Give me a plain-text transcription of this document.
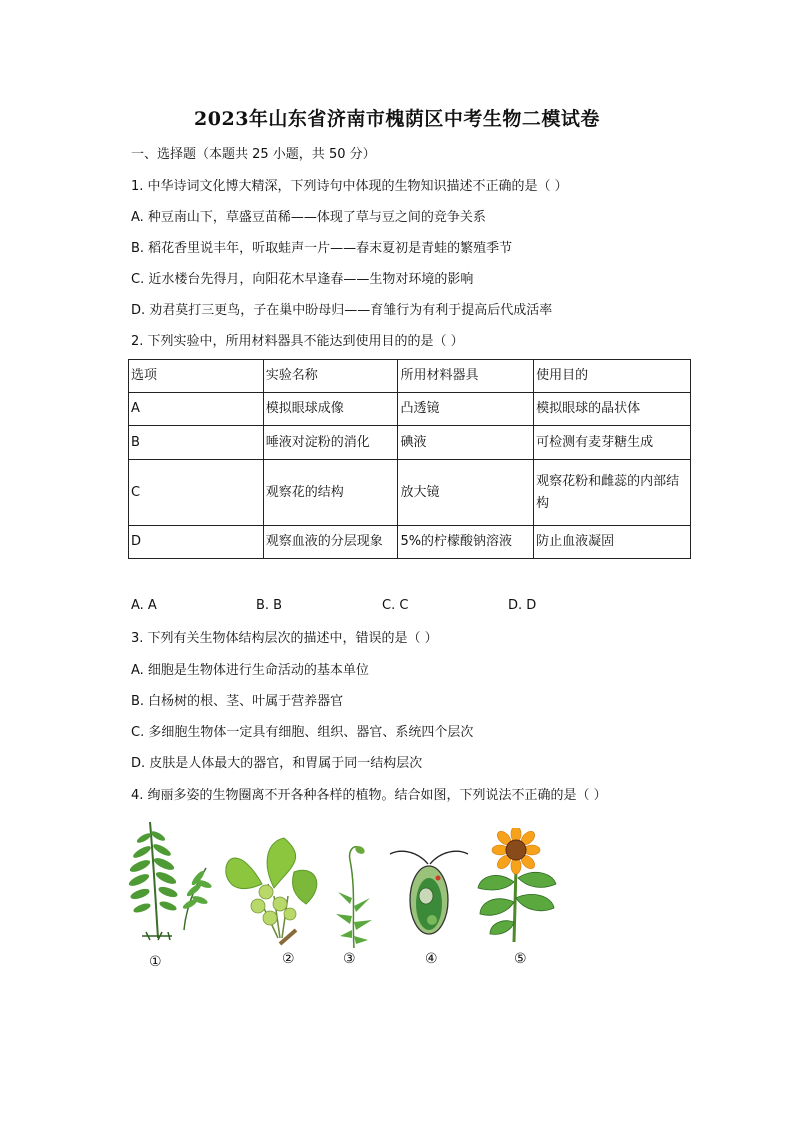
2023年山东省济南市槐荫区中考生物二模试卷
一、选择题（本题共 25 小题，共 50 分）
1. 中华诗词文化博大精深，下列诗句中体现的生物知识描述不正确的是（ ）
A. 种豆南山下，草盛豆苗稀——体现了草与豆之间的竞争关系
B. 稻花香里说丰年，听取蛙声一片——春末夏初是青蛙的繁殖季节
C. 近水楼台先得月，向阳花木早逢春——生物对环境的影响
D. 劝君莫打三更鸟，子在巢中盼母归——育雏行为有利于提高后代成活率
2. 下列实验中，所用材料器具不能达到使用目的的是（ ）
选项	实验名称	所用材料器具	使用目的
A	模拟眼球成像	凸透镜	模拟眼球的晶状体
B	唾液对淀粉的消化	碘液	可检测有麦芽糖生成
C	观察花的结构	放大镜	观察花粉和雌蕊的内部结构
D	观察血液的分层现象	5%的柠檬酸钠溶液	防止血液凝固
A. A	B. B	C. C	D. D
3. 下列有关生物体结构层次的描述中，错误的是（ ）
A. 细胞是生物体进行生命活动的基本单位
B. 白杨树的根、茎、叶属于营养器官
C. 多细胞生物体一定具有细胞、组织、器官、系统四个层次
D. 皮肤是人体最大的器官，和胃属于同一结构层次
4. 绚丽多姿的生物圈离不开各种各样的植物。结合如图，下列说法不正确的是（ ）
①	②	③	④	⑤
